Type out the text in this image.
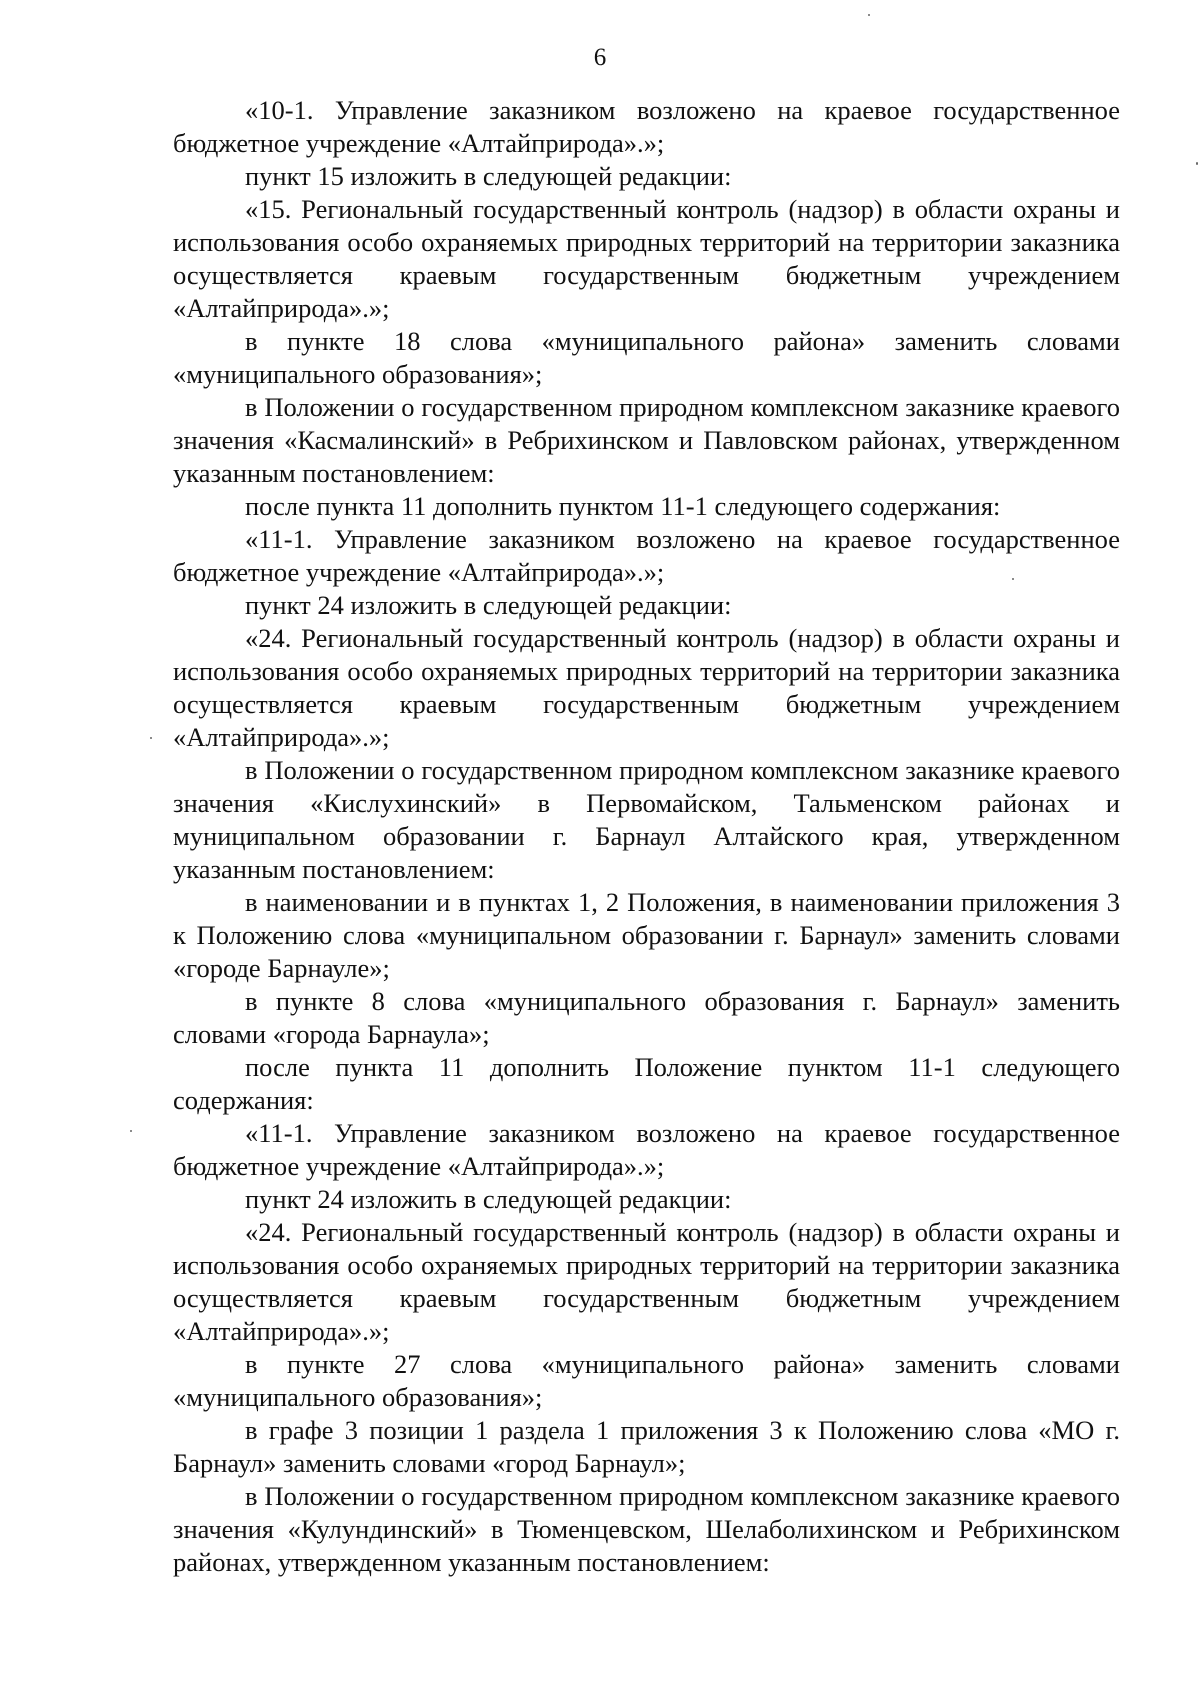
6

«10-1. Управление заказником возложено на краевое государственное бюджетное учреждение «Алтайприрода».»;

пункт 15 изложить в следующей редакции:

«15. Региональный государственный контроль (надзор) в области охраны и использования особо охраняемых природных территорий на территории заказника осуществляется краевым государственным бюджетным учреждением «Алтайприрода».»;

в пункте 18 слова «муниципального района» заменить словами «муниципального образования»;

в Положении о государственном природном комплексном заказнике краевого значения «Касмалинский» в Ребрихинском и Павловском районах, утвержденном указанным постановлением:

после пункта 11 дополнить пунктом 11-1 следующего содержания:

«11-1. Управление заказником возложено на краевое государственное бюджетное учреждение «Алтайприрода».»;

пункт 24 изложить в следующей редакции:

«24. Региональный государственный контроль (надзор) в области охраны и использования особо охраняемых природных территорий на территории заказника осуществляется краевым государственным бюджетным учреждением «Алтайприрода».»;

в Положении о государственном природном комплексном заказнике краевого значения «Кислухинский» в Первомайском, Тальменском районах и муниципальном образовании г. Барнаул Алтайского края, утвержденном указанным постановлением:

в наименовании и в пунктах 1, 2 Положения, в наименовании приложения 3 к Положению слова «муниципальном образовании г. Барнаул» заменить словами «городе Барнауле»;

в пункте 8 слова «муниципального образования г. Барнаул» заменить словами «города Барнаула»;

после пункта 11 дополнить Положение пунктом 11-1 следующего содержания:

«11-1. Управление заказником возложено на краевое государственное бюджетное учреждение «Алтайприрода».»;

пункт 24 изложить в следующей редакции:

«24. Региональный государственный контроль (надзор) в области охраны и использования особо охраняемых природных территорий на территории заказника осуществляется краевым государственным бюджетным учреждением «Алтайприрода».»;

в пункте 27 слова «муниципального района» заменить словами «муниципального образования»;

в графе 3 позиции 1 раздела 1 приложения 3 к Положению слова «МО г. Барнаул» заменить словами «город Барнаул»;

в Положении о государственном природном комплексном заказнике краевого значения «Кулундинский» в Тюменцевском, Шелаболихинском и Ребрихинском районах, утвержденном указанным постановлением:
